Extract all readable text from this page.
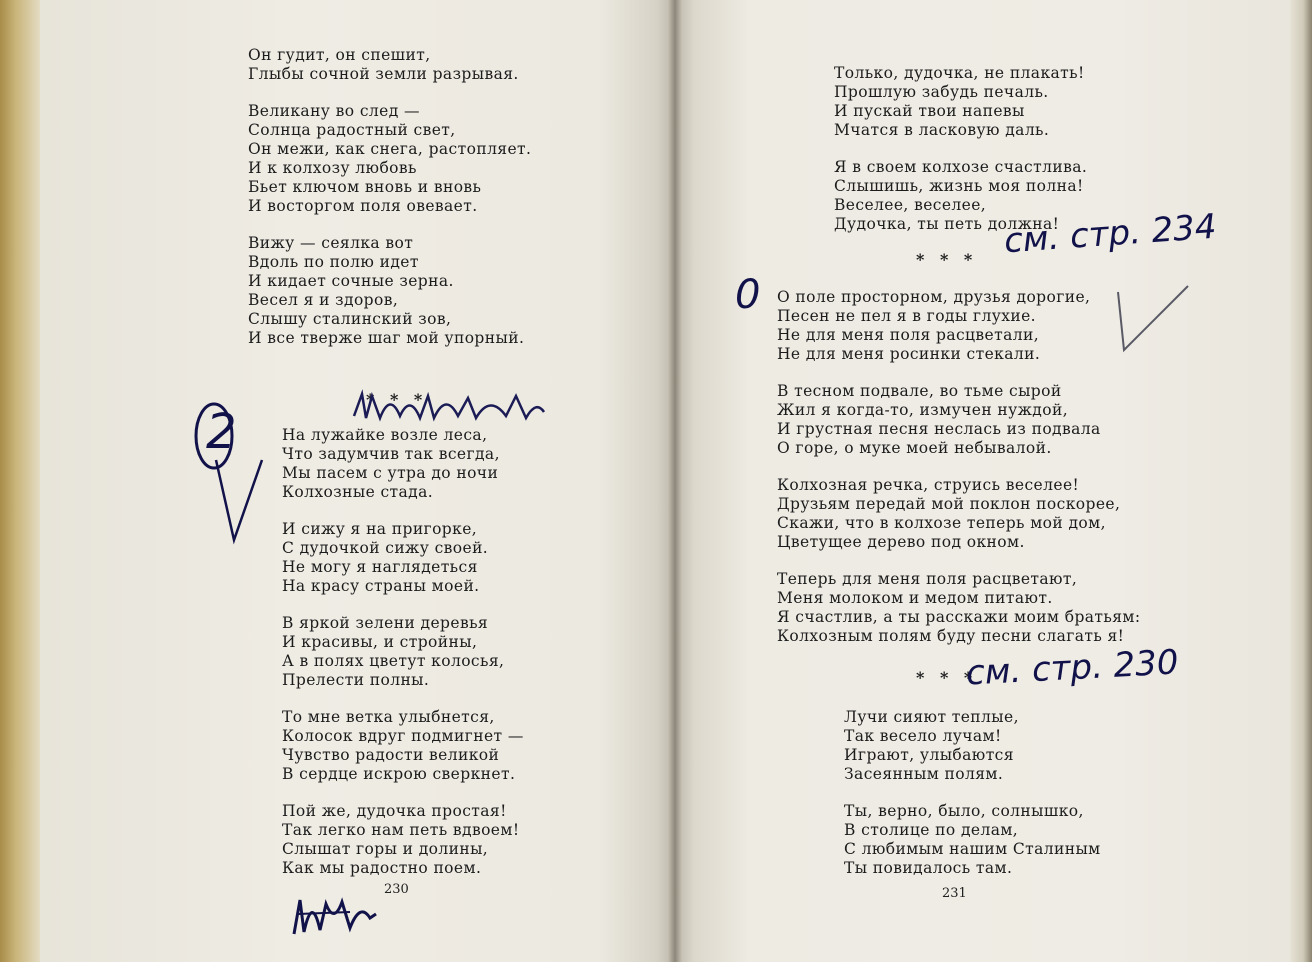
Он гудит, он спешит,
Глыбы сочной земли разрывая.
Великану во след —
Солнца радостный свет,
Он межи, как снега, растопляет.
И к колхозу любовь
Бьет ключом вновь и вновь
И восторгом поля овевает.
Вижу — сеялка вот
Вдоль по полю идет
И кидает сочные зерна.
Весел я и здоров,
Слышу сталинский зов,
И все тверже шаг мой упорный.
* * *
На лужайке возле леса,
Что задумчив так всегда,
Мы пасем с утра до ночи
Колхозные стада.
И сижу я на пригорке,
С дудочкой сижу своей.
Не могу я наглядеться
На красу страны моей.
В яркой зелени деревья
И красивы, и стройны,
А в полях цветут колосья,
Прелести полны.
То мне ветка улыбнется,
Колосок вдруг подмигнет —
Чувство радости великой
В сердце искрою сверкнет.
Пой же, дудочка простая!
Так легко нам петь вдвоем!
Слышат горы и долины,
Как мы радостно поем.
230
Только, дудочка, не плакать!
Прошлую забудь печаль.
И пускай твои напевы
Мчатся в ласковую даль.
Я в своем колхозе счастлива.
Слышишь, жизнь моя полна!
Веселее, веселее,
Дудочка, ты петь должна!
* * *
О поле просторном, друзья дорогие,
Песен не пел я в годы глухие.
Не для меня поля расцветали,
Не для меня росинки стекали.
В тесном подвале, во тьме сырой
Жил я когда-то, измучен нуждой,
И грустная песня неслась из подвала
О горе, о муке моей небывалой.
Колхозная речка, струись веселее!
Друзьям передай мой поклон поскорее,
Скажи, что в колхозе теперь мой дом,
Цветущее дерево под окном.
Теперь для меня поля расцветают,
Меня молоком и медом питают.
Я счастлив, а ты расскажи моим братьям:
Колхозным полям буду песни слагать я!
* * *
Лучи сияют теплые,
Так весело лучам!
Играют, улыбаются
Засеянным полям.
Ты, верно, было, солнышко,
В столице по делам,
С любимым нашим Сталиным
Ты повидалось там.
231
2
0
см. стр. 234
см. стр. 230
